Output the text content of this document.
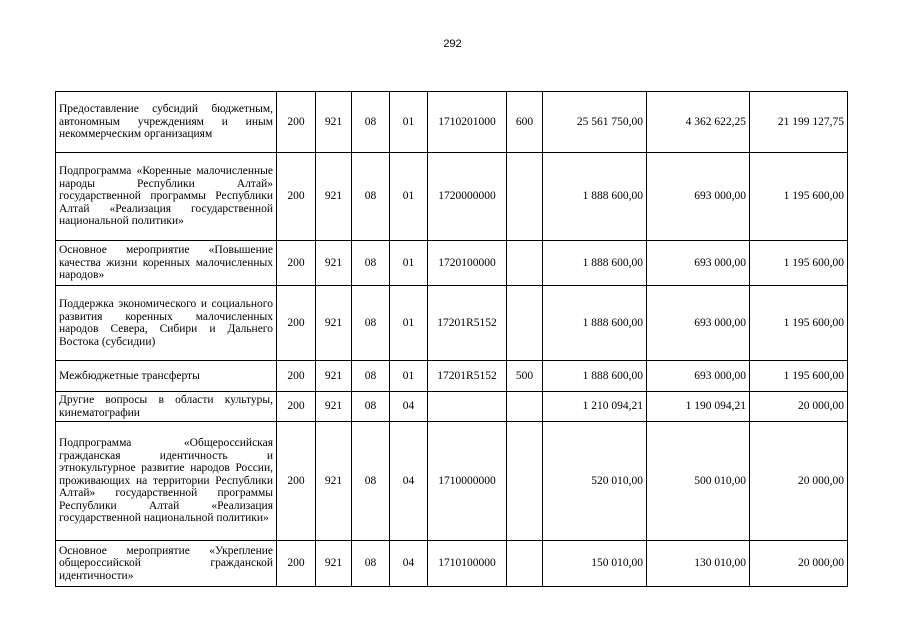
292
Предоставление субсидий бюджетным, автономным учреждениям и иным некоммерческим организациям	200	921	08	01	1710201000	600	25 561 750,00	4 362 622,25	21 199 127,75
Подпрограмма «Коренные малочисленные народы Республики Алтай» государственной программы Республики Алтай «Реализация государственной национальной политики»	200	921	08	01	1720000000		1 888 600,00	693 000,00	1 195 600,00
Основное мероприятие «Повышение качества жизни коренных малочисленных народов»	200	921	08	01	1720100000		1 888 600,00	693 000,00	1 195 600,00
Поддержка экономического и социального развития коренных малочисленных народов Севера, Сибири и Дальнего Востока (субсидии)	200	921	08	01	17201R5152		1 888 600,00	693 000,00	1 195 600,00
Межбюджетные трансферты	200	921	08	01	17201R5152	500	1 888 600,00	693 000,00	1 195 600,00
Другие вопросы в области культуры, кинематографии	200	921	08	04			1 210 094,21	1 190 094,21	20 000,00
Подпрограмма «Общероссийская гражданская идентичность и этнокультурное развитие народов России, проживающих на территории Республики Алтай» государственной программы Республики Алтай «Реализация государственной национальной политики»	200	921	08	04	1710000000		520 010,00	500 010,00	20 000,00
Основное мероприятие «Укрепление общероссийской гражданской идентичности»	200	921	08	04	1710100000		150 010,00	130 010,00	20 000,00
